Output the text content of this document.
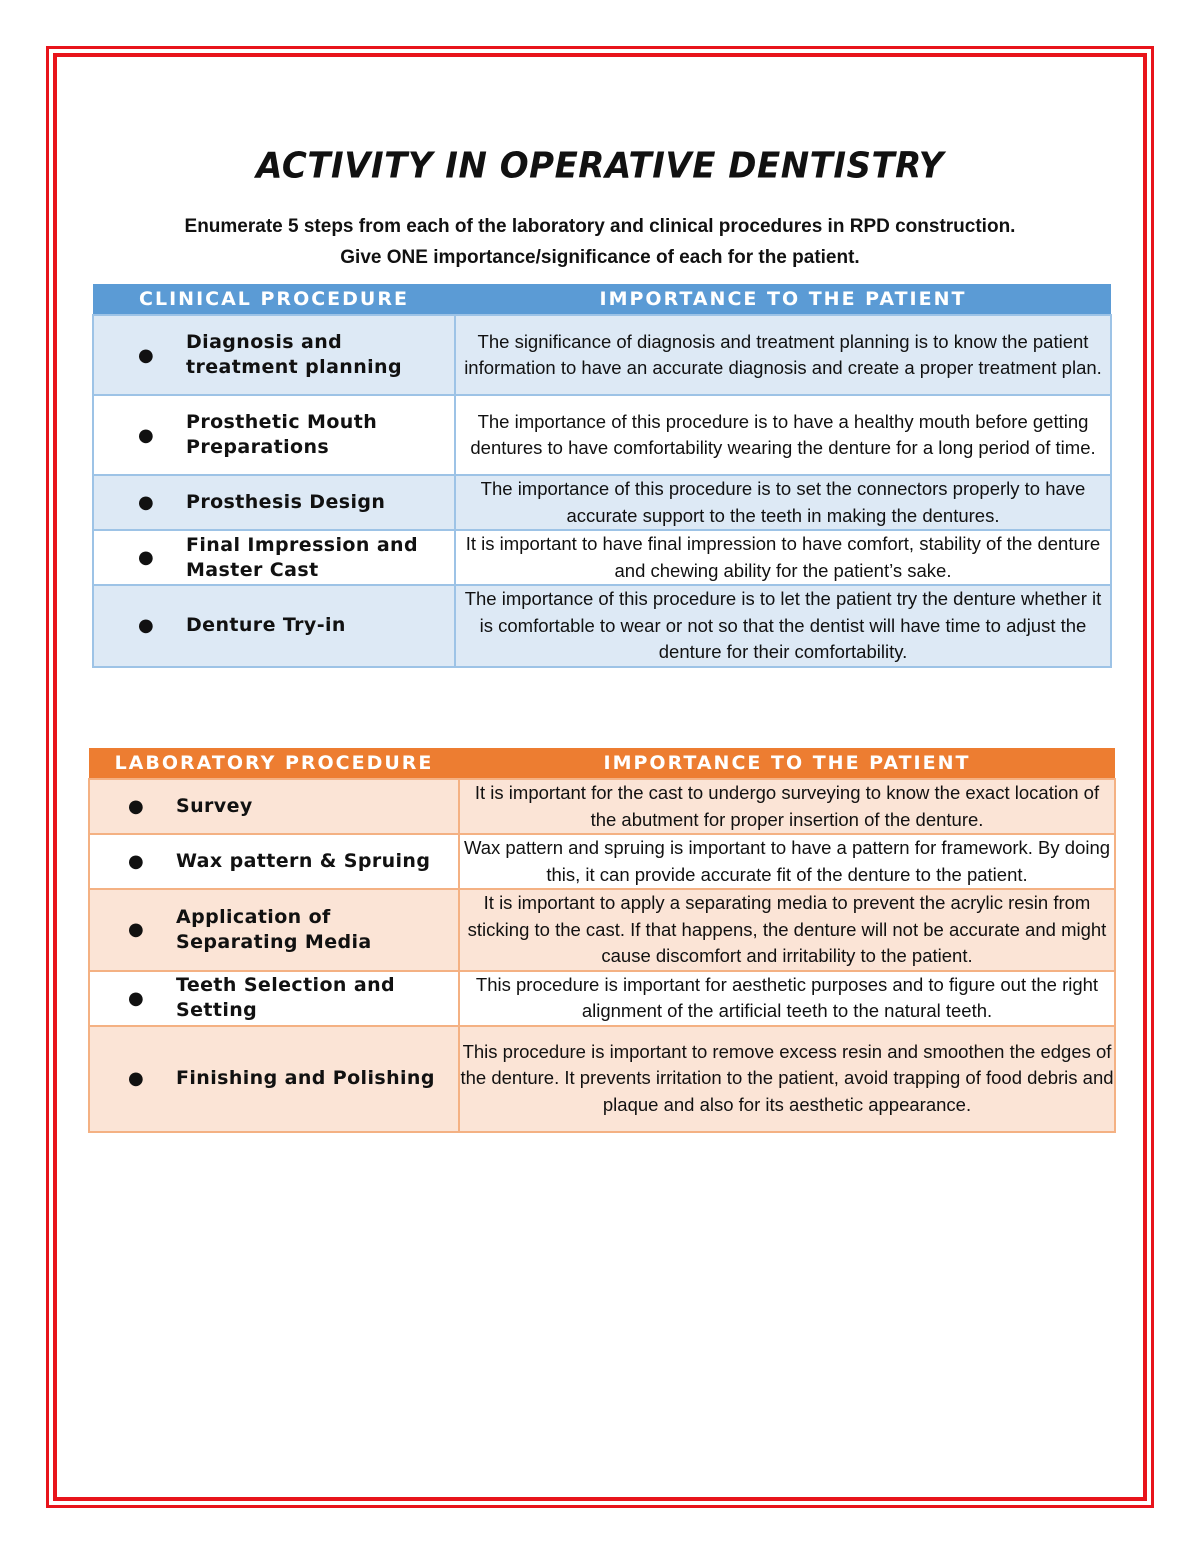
ACTIVITY IN OPERATIVE DENTISTRY
Enumerate 5 steps from each of the laboratory and clinical procedures in RPD construction.
Give ONE importance/significance of each for the patient.
CLINICAL PROCEDURE	IMPORTANCE TO THE PATIENT

●
Diagnosis and treatment planning	The significance of diagnosis and treatment planning is to know the patient information to have an accurate diagnosis and create a proper treatment plan.

●
Prosthetic Mouth Preparations	The importance of this procedure is to have a healthy mouth before getting dentures to have comfortability wearing the denture for a long period of time.

● Prosthesis Design	The importance of this procedure is to set the connectors properly to have accurate support to the teeth in making the dentures.

●
Final Impression and Master Cast	It is important to have final impression to have comfort, stability of the denture and chewing ability for the patient’s sake.

● Denture Try-in	The importance of this procedure is to let the patient try the denture whether it is comfortable to wear or not so that the dentist will have time to adjust the denture for their comfortability.
LABORATORY PROCEDURE	IMPORTANCE TO THE PATIENT

● Survey	It is important for the cast to undergo surveying to know the exact location of the abutment for proper insertion of the denture.

● Wax pattern & Spruing	Wax pattern and spruing is important to have a pattern for framework. By doing this, it can provide accurate fit of the denture to the patient.

●
Application of Separating Media	It is important to apply a separating media to prevent the acrylic resin from sticking to the cast. If that happens, the denture will not be accurate and might cause discomfort and irritability to the patient.

●
Teeth Selection and Setting	This procedure is important for aesthetic purposes and to figure out the right alignment of the artificial teeth to the natural teeth.

● Finishing and Polishing	This procedure is important to remove excess resin and smoothen the edges of the denture. It prevents irritation to the patient, avoid trapping of food debris and plaque and also for its aesthetic appearance.
